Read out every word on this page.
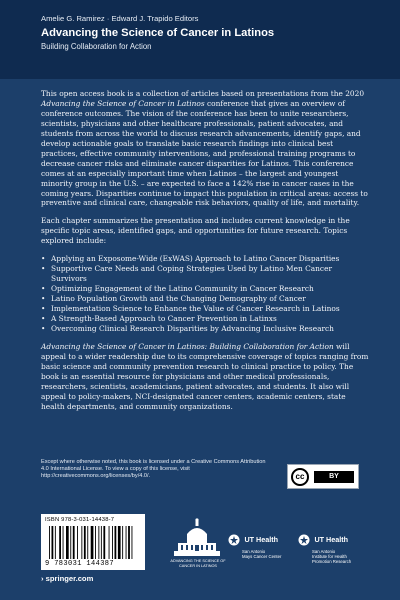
Amelie G. Ramirez · Edward J. Trapido Editors
Advancing the Science of Cancer in Latinos
Building Collaboration for Action

This open access book is a collection of articles based on presentations from the 2020 Advancing the Science of Cancer in Latinos conference that gives an overview of conference outcomes. The vision of the conference has been to unite researchers, scientists, physicians and other healthcare professionals, patient advocates, and students from across the world to discuss research advancements, identify gaps, and develop actionable goals to translate basic research findings into clinical best practices, effective community interventions, and professional training programs to decrease cancer risks and eliminate cancer disparities for Latinos. This conference comes at an especially important time when Latinos – the largest and youngest minority group in the U.S. – are expected to face a 142% rise in cancer cases in the coming years. Disparities continue to impact this population in critical areas: access to preventive and clinical care, changeable risk behaviors, quality of life, and mortality.

Each chapter summarizes the presentation and includes current knowledge in the specific topic areas, identified gaps, and opportunities for future research. Topics explored include:

• Applying an Exposome-Wide (ExWAS) Approach to Latino Cancer Disparities
• Supportive Care Needs and Coping Strategies Used by Latino Men Cancer Survivors
• Optimizing Engagement of the Latino Community in Cancer Research
• Latino Population Growth and the Changing Demography of Cancer
• Implementation Science to Enhance the Value of Cancer Research in Latinos
• A Strength-Based Approach to Cancer Prevention in Latinxs
• Overcoming Clinical Research Disparities by Advancing Inclusive Research

Advancing the Science of Cancer in Latinos: Building Collaboration for Action will appeal to a wider readership due to its comprehensive coverage of topics ranging from basic science and community prevention research to clinical practice to policy. The book is an essential resource for physicians and other medical professionals, researchers, scientists, academicians, patient advocates, and students. It also will appeal to policy-makers, NCI-designated cancer centers, academic centers, state health departments, and community organizations.

Except where otherwise noted, this book is licensed under a Creative Commons Attribution 4.0 International License. To view a copy of this license, visit http://creativecommons.org/licenses/by/4.0/.	cc	BY
ISBN 978-3-031-14438-7
9 783031 144387
› springer.com
ADVANCING THE SCIENCE OF CANCER IN LATINOS
UT Health
San Antonio
Mays Cancer Center
UT Health
San Antonio
Institute for Health
Promotion Research
